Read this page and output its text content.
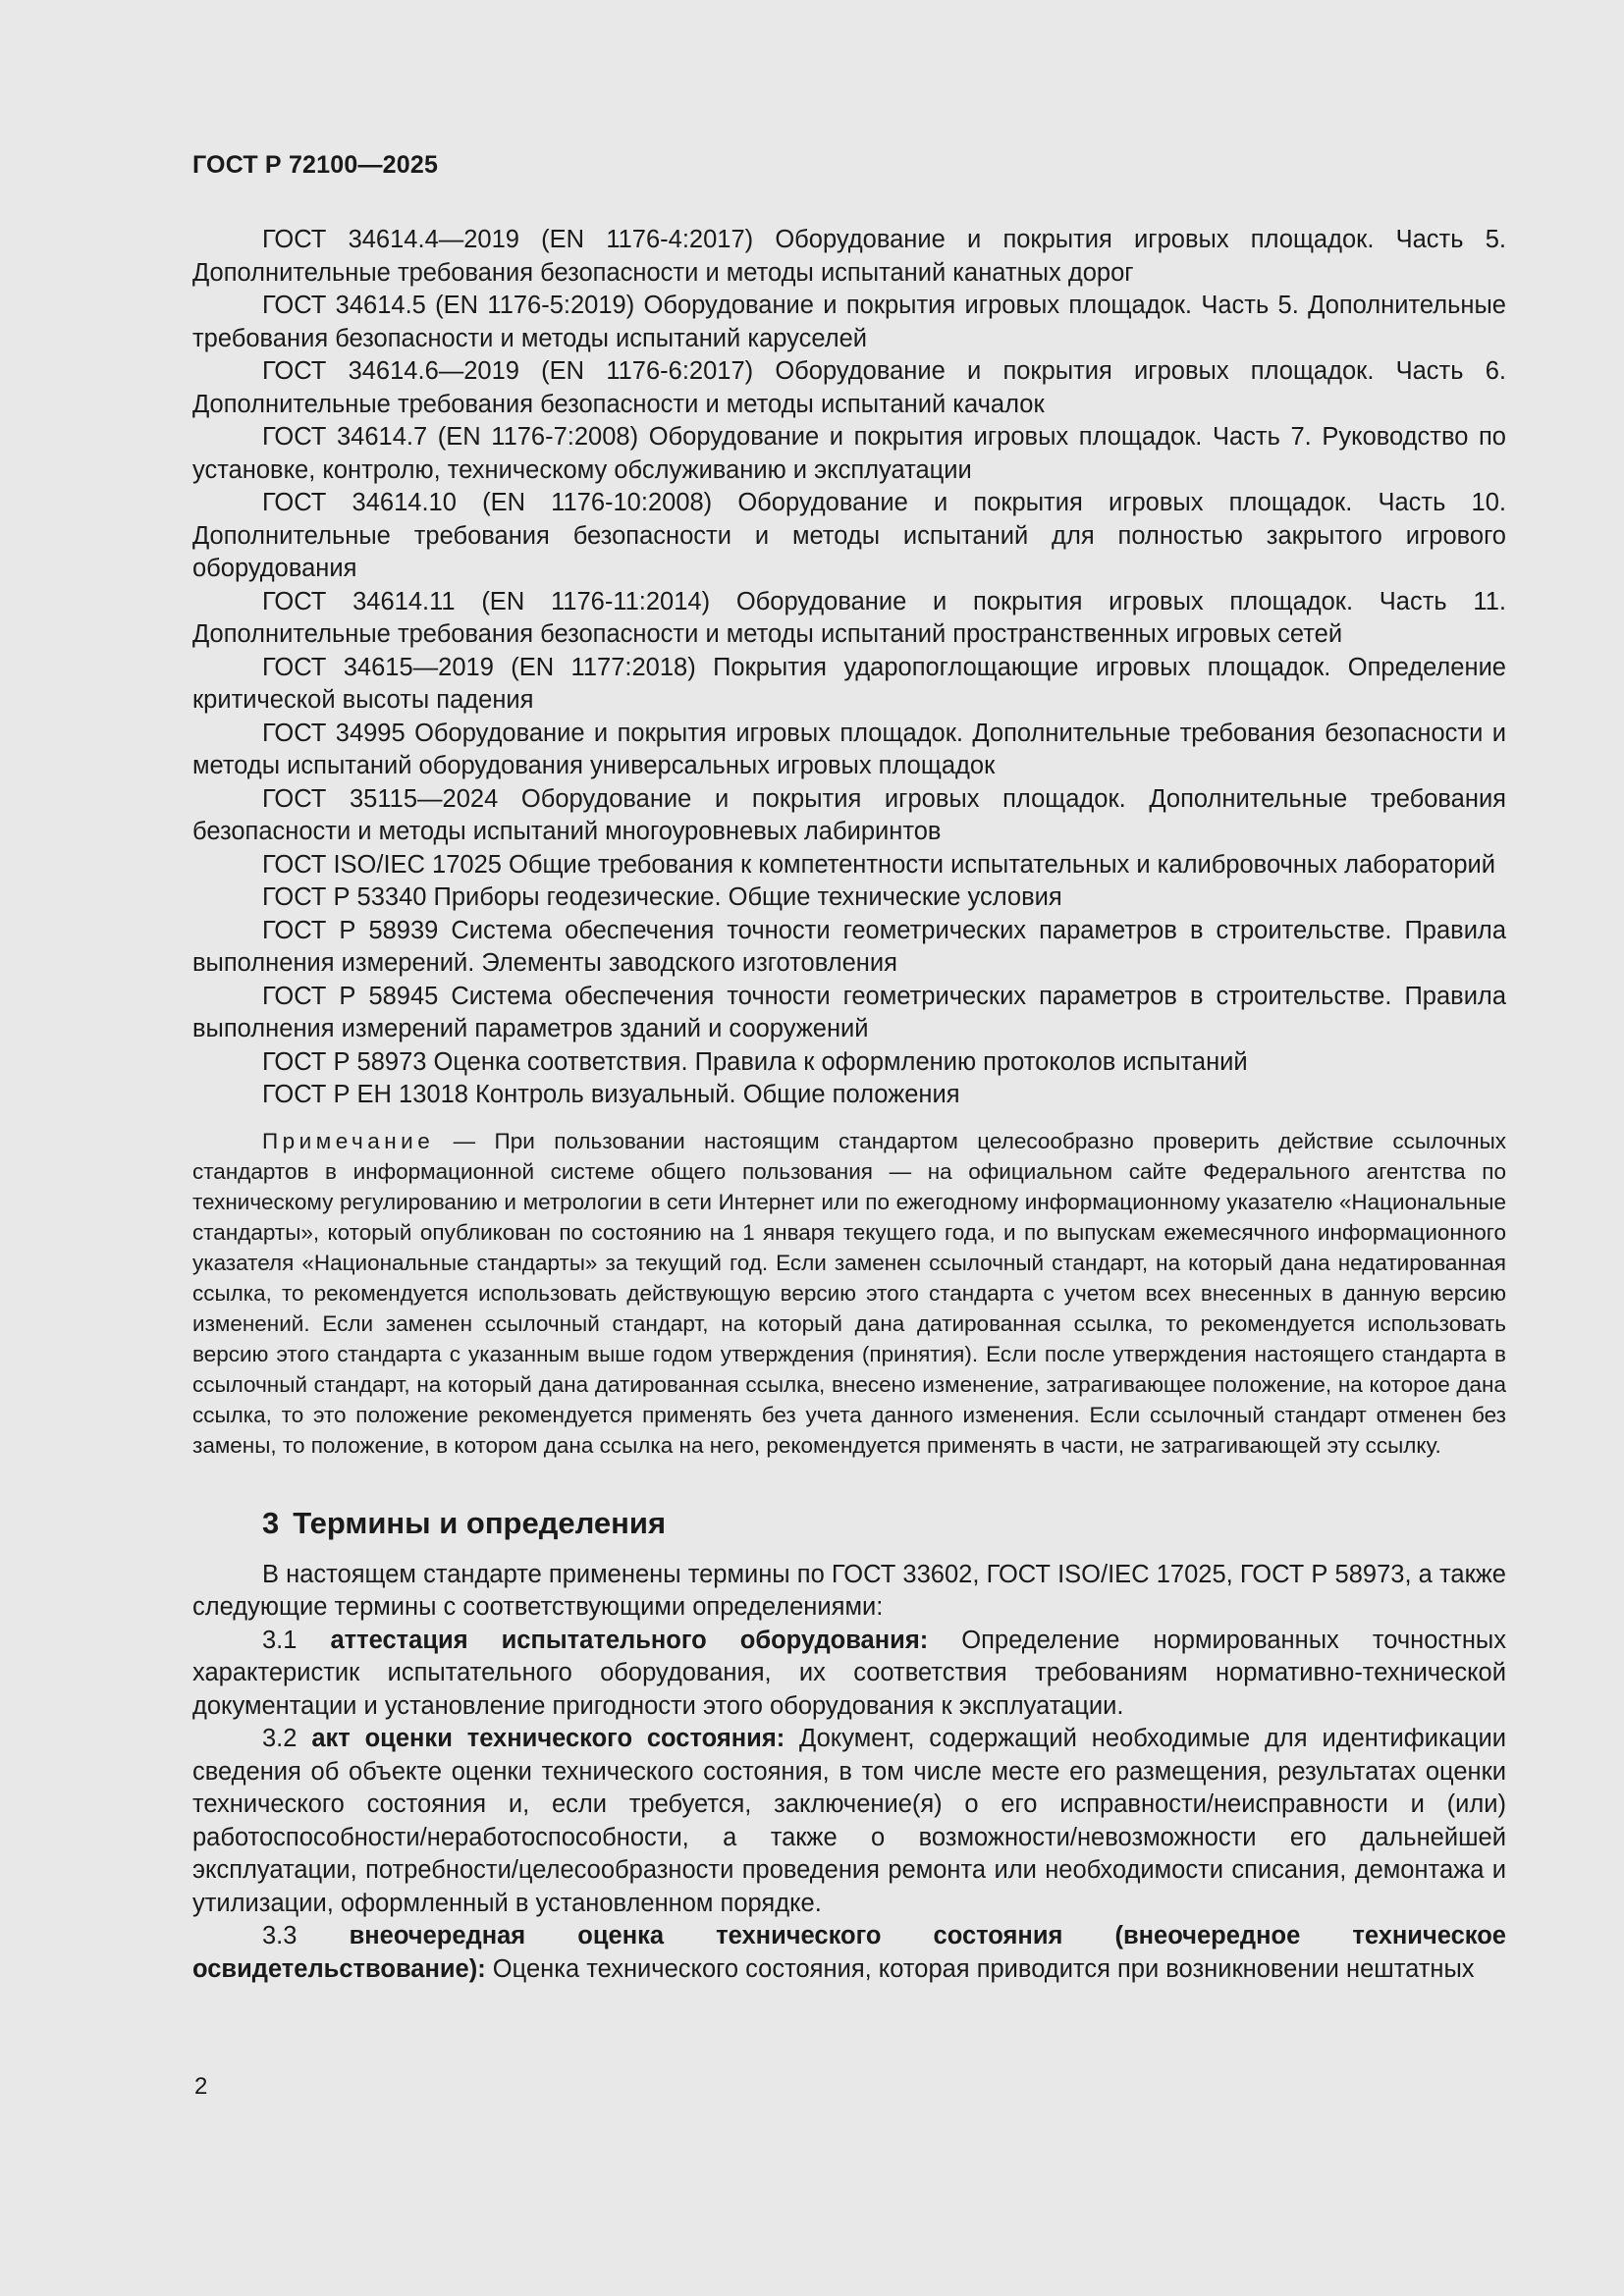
ГОСТ Р 72100—2025

ГОСТ 34614.4—2019 (EN 1176-4:2017) Оборудование и покрытия игровых площадок. Часть 5. Дополнительные требования безопасности и методы испытаний канатных дорог

ГОСТ 34614.5 (EN 1176-5:2019) Оборудование и покрытия игровых площадок. Часть 5. Дополнительные требования безопасности и методы испытаний каруселей

ГОСТ 34614.6—2019 (EN 1176-6:2017) Оборудование и покрытия игровых площадок. Часть 6. Дополнительные требования безопасности и методы испытаний качалок

ГОСТ 34614.7 (EN 1176-7:2008) Оборудование и покрытия игровых площадок. Часть 7. Руководство по установке, контролю, техническому обслуживанию и эксплуатации

ГОСТ 34614.10 (EN 1176-10:2008) Оборудование и покрытия игровых площадок. Часть 10. Дополнительные требования безопасности и методы испытаний для полностью закрытого игрового оборудования

ГОСТ 34614.11 (EN 1176-11:2014) Оборудование и покрытия игровых площадок. Часть 11. Дополнительные требования безопасности и методы испытаний пространственных игровых сетей

ГОСТ 34615—2019 (EN 1177:2018) Покрытия ударопоглощающие игровых площадок. Определение критической высоты падения

ГОСТ 34995 Оборудование и покрытия игровых площадок. Дополнительные требования безопасности и методы испытаний оборудования универсальных игровых площадок

ГОСТ 35115—2024 Оборудование и покрытия игровых площадок. Дополнительные требования безопасности и методы испытаний многоуровневых лабиринтов

ГОСТ ISO/IEC 17025 Общие требования к компетентности испытательных и калибровочных лабораторий

ГОСТ Р 53340 Приборы геодезические. Общие технические условия

ГОСТ Р 58939 Система обеспечения точности геометрических параметров в строительстве. Правила выполнения измерений. Элементы заводского изготовления

ГОСТ Р 58945 Система обеспечения точности геометрических параметров в строительстве. Правила выполнения измерений параметров зданий и сооружений

ГОСТ Р 58973 Оценка соответствия. Правила к оформлению протоколов испытаний

ГОСТ Р ЕН 13018 Контроль визуальный. Общие положения

Примечание — При пользовании настоящим стандартом целесообразно проверить действие ссылочных стандартов в информационной системе общего пользования — на официальном сайте Федерального агентства по техническому регулированию и метрологии в сети Интернет или по ежегодному информационному указателю «Национальные стандарты», который опубликован по состоянию на 1 января текущего года, и по выпускам ежемесячного информационного указателя «Национальные стандарты» за текущий год. Если заменен ссылочный стандарт, на который дана недатированная ссылка, то рекомендуется использовать действующую версию этого стандарта с учетом всех внесенных в данную версию изменений. Если заменен ссылочный стандарт, на который дана датированная ссылка, то рекомендуется использовать версию этого стандарта с указанным выше годом утверждения (принятия). Если после утверждения настоящего стандарта в ссылочный стандарт, на который дана датированная ссылка, внесено изменение, затрагивающее положение, на которое дана ссылка, то это положение рекомендуется применять без учета данного изменения. Если ссылочный стандарт отменен без замены, то положение, в котором дана ссылка на него, рекомендуется применять в части, не затрагивающей эту ссылку.
3 Термины и определения

В настоящем стандарте применены термины по ГОСТ 33602, ГОСТ ISO/IEC 17025, ГОСТ Р 58973, а также следующие термины с соответствующими определениями:

3.1 аттестация испытательного оборудования: Определение нормированных точностных характеристик испытательного оборудования, их соответствия требованиям нормативно-технической документации и установление пригодности этого оборудования к эксплуатации.

3.2 акт оценки технического состояния: Документ, содержащий необходимые для идентификации сведения об объекте оценки технического состояния, в том числе месте его размещения, результатах оценки технического состояния и, если требуется, заключение(я) о его исправности/неисправности и (или) работоспособности/неработоспособности, а также о возможности/невозможности его дальнейшей эксплуатации, потребности/целесообразности проведения ремонта или необходимости списания, демонтажа и утилизации, оформленный в установленном порядке.

3.3 внеочередная оценка технического состояния (внеочередное техническое освидетельствование): Оценка технического состояния, которая приводится при возникновении нештатных

2
